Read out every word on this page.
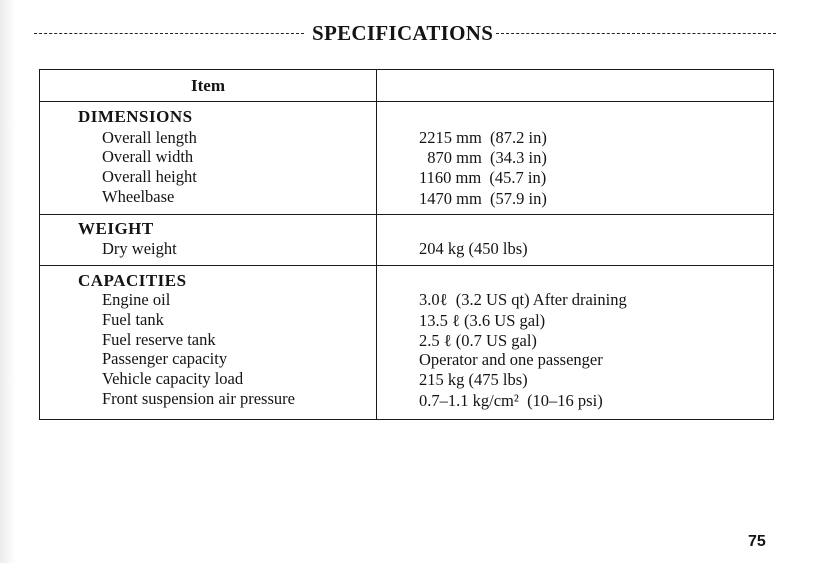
SPECIFICATIONS
Item
DIMENSIONS
Overall length	2215 mm  (87.2 in)
Overall width	870 mm  (34.3 in)
Overall height	1160 mm  (45.7 in)
Wheelbase	1470 mm  (57.9 in)
WEIGHT
Dry weight	204 kg (450 lbs)
CAPACITIES
Engine oil	3.0ℓ  (3.2 US qt) After draining
Fuel tank	13.5 ℓ (3.6 US gal)
Fuel reserve tank	2.5 ℓ (0.7 US gal)
Passenger capacity	Operator and one passenger
Vehicle capacity load	215 kg (475 lbs)
Front suspension air pressure	0.7–1.1 kg/cm²  (10–16 psi)
75
